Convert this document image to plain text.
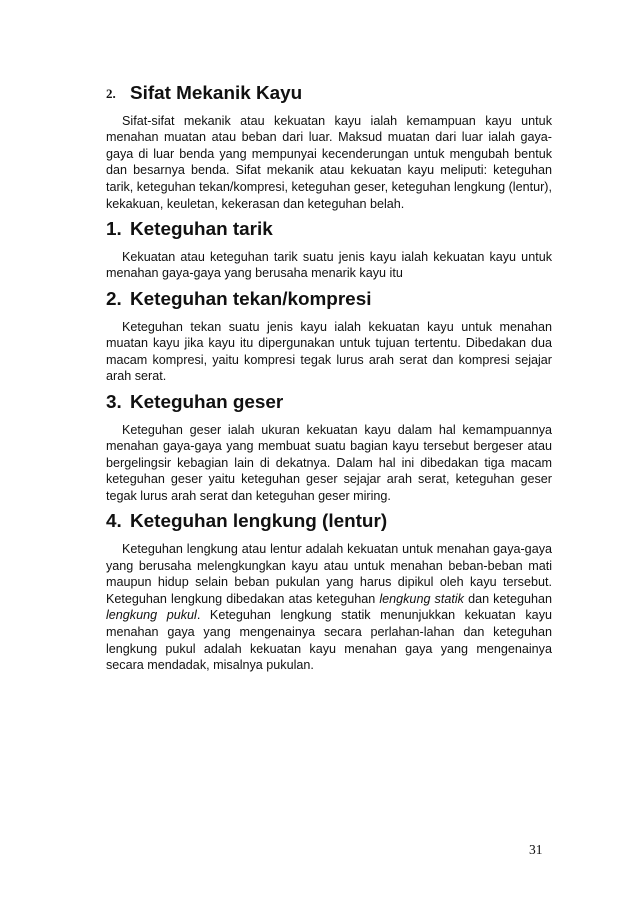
2. Sifat Mekanik Kayu

Sifat-sifat mekanik atau kekuatan kayu ialah kemampuan kayu untuk menahan muatan atau beban dari luar. Maksud muatan dari luar ialah gaya-gaya di luar benda yang mempunyai kecenderungan untuk mengubah bentuk dan besarnya benda. Sifat mekanik atau kekuatan kayu meliputi: keteguhan tarik, keteguhan tekan/kompresi, keteguhan geser, keteguhan lengkung (lentur), kekakuan, keuletan, kekerasan dan keteguhan belah.

1. Keteguhan tarik

Kekuatan atau keteguhan tarik suatu jenis kayu ialah kekuatan kayu untuk menahan gaya-gaya yang berusaha menarik kayu itu

2. Keteguhan tekan/kompresi

Keteguhan tekan suatu jenis kayu ialah kekuatan kayu untuk menahan muatan kayu jika kayu itu dipergunakan untuk tujuan tertentu. Dibedakan dua macam kompresi, yaitu kompresi tegak lurus arah serat dan kompresi sejajar arah serat.

3. Keteguhan geser

Keteguhan geser ialah ukuran kekuatan kayu dalam hal kemampuannya menahan gaya-gaya yang membuat suatu bagian kayu tersebut bergeser atau bergelingsir kebagian lain di dekatnya. Dalam hal ini dibedakan tiga macam keteguhan geser yaitu keteguhan geser sejajar arah serat, keteguhan geser tegak lurus arah serat dan keteguhan geser miring.

4. Keteguhan lengkung (lentur)

Keteguhan lengkung atau lentur adalah kekuatan untuk menahan gaya-gaya yang berusaha melengkungkan kayu atau untuk menahan beban-beban mati maupun hidup selain beban pukulan yang harus dipikul oleh kayu tersebut. Keteguhan lengkung dibedakan atas keteguhan lengkung statik dan keteguhan lengkung pukul. Keteguhan lengkung statik menunjukkan kekuatan kayu menahan gaya yang mengenainya secara perlahan-lahan dan keteguhan lengkung pukul adalah kekuatan kayu menahan gaya yang mengenainya secara mendadak, misalnya pukulan.

31
